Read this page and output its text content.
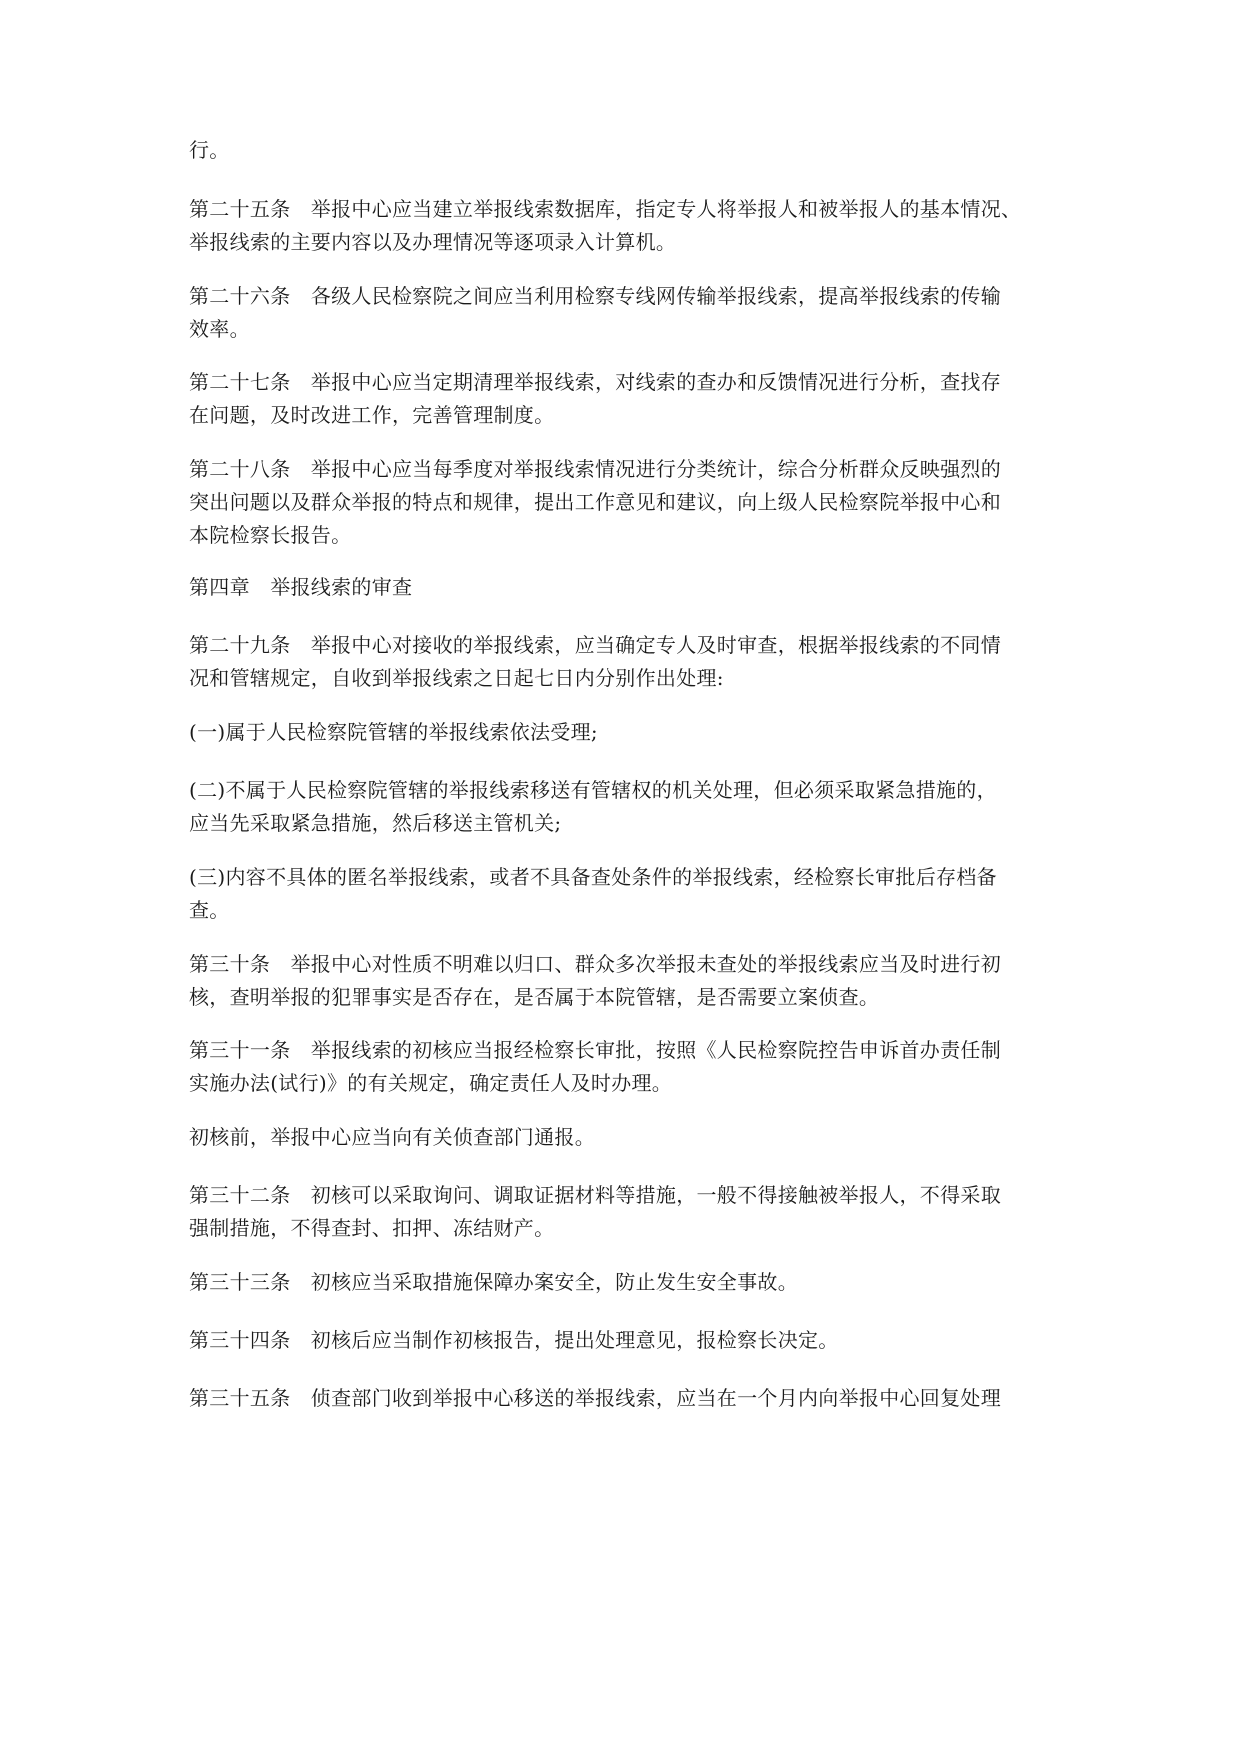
行。
第二十五条　举报中心应当建立举报线索数据库，指定专人将举报人和被举报人的基本情况、
举报线索的主要内容以及办理情况等逐项录入计算机。
第二十六条　各级人民检察院之间应当利用检察专线网传输举报线索，提高举报线索的传输
效率。
第二十七条　举报中心应当定期清理举报线索，对线索的查办和反馈情况进行分析，查找存
在问题，及时改进工作，完善管理制度。
第二十八条　举报中心应当每季度对举报线索情况进行分类统计，综合分析群众反映强烈的
突出问题以及群众举报的特点和规律，提出工作意见和建议，向上级人民检察院举报中心和
本院检察长报告。
第四章　举报线索的审查
第二十九条　举报中心对接收的举报线索，应当确定专人及时审查，根据举报线索的不同情
况和管辖规定，自收到举报线索之日起七日内分别作出处理:
(一)属于人民检察院管辖的举报线索依法受理;
(二)不属于人民检察院管辖的举报线索移送有管辖权的机关处理，但必须采取紧急措施的，
应当先采取紧急措施，然后移送主管机关;
(三)内容不具体的匿名举报线索，或者不具备查处条件的举报线索，经检察长审批后存档备
查。
第三十条　举报中心对性质不明难以归口、群众多次举报未查处的举报线索应当及时进行初
核，查明举报的犯罪事实是否存在，是否属于本院管辖，是否需要立案侦查。
第三十一条　举报线索的初核应当报经检察长审批，按照《人民检察院控告申诉首办责任制
实施办法(试行)》的有关规定，确定责任人及时办理。
初核前，举报中心应当向有关侦查部门通报。
第三十二条　初核可以采取询问、调取证据材料等措施，一般不得接触被举报人，不得采取
强制措施，不得查封、扣押、冻结财产。
第三十三条　初核应当采取措施保障办案安全，防止发生安全事故。
第三十四条　初核后应当制作初核报告，提出处理意见，报检察长决定。
第三十五条　侦查部门收到举报中心移送的举报线索，应当在一个月内向举报中心回复处理
